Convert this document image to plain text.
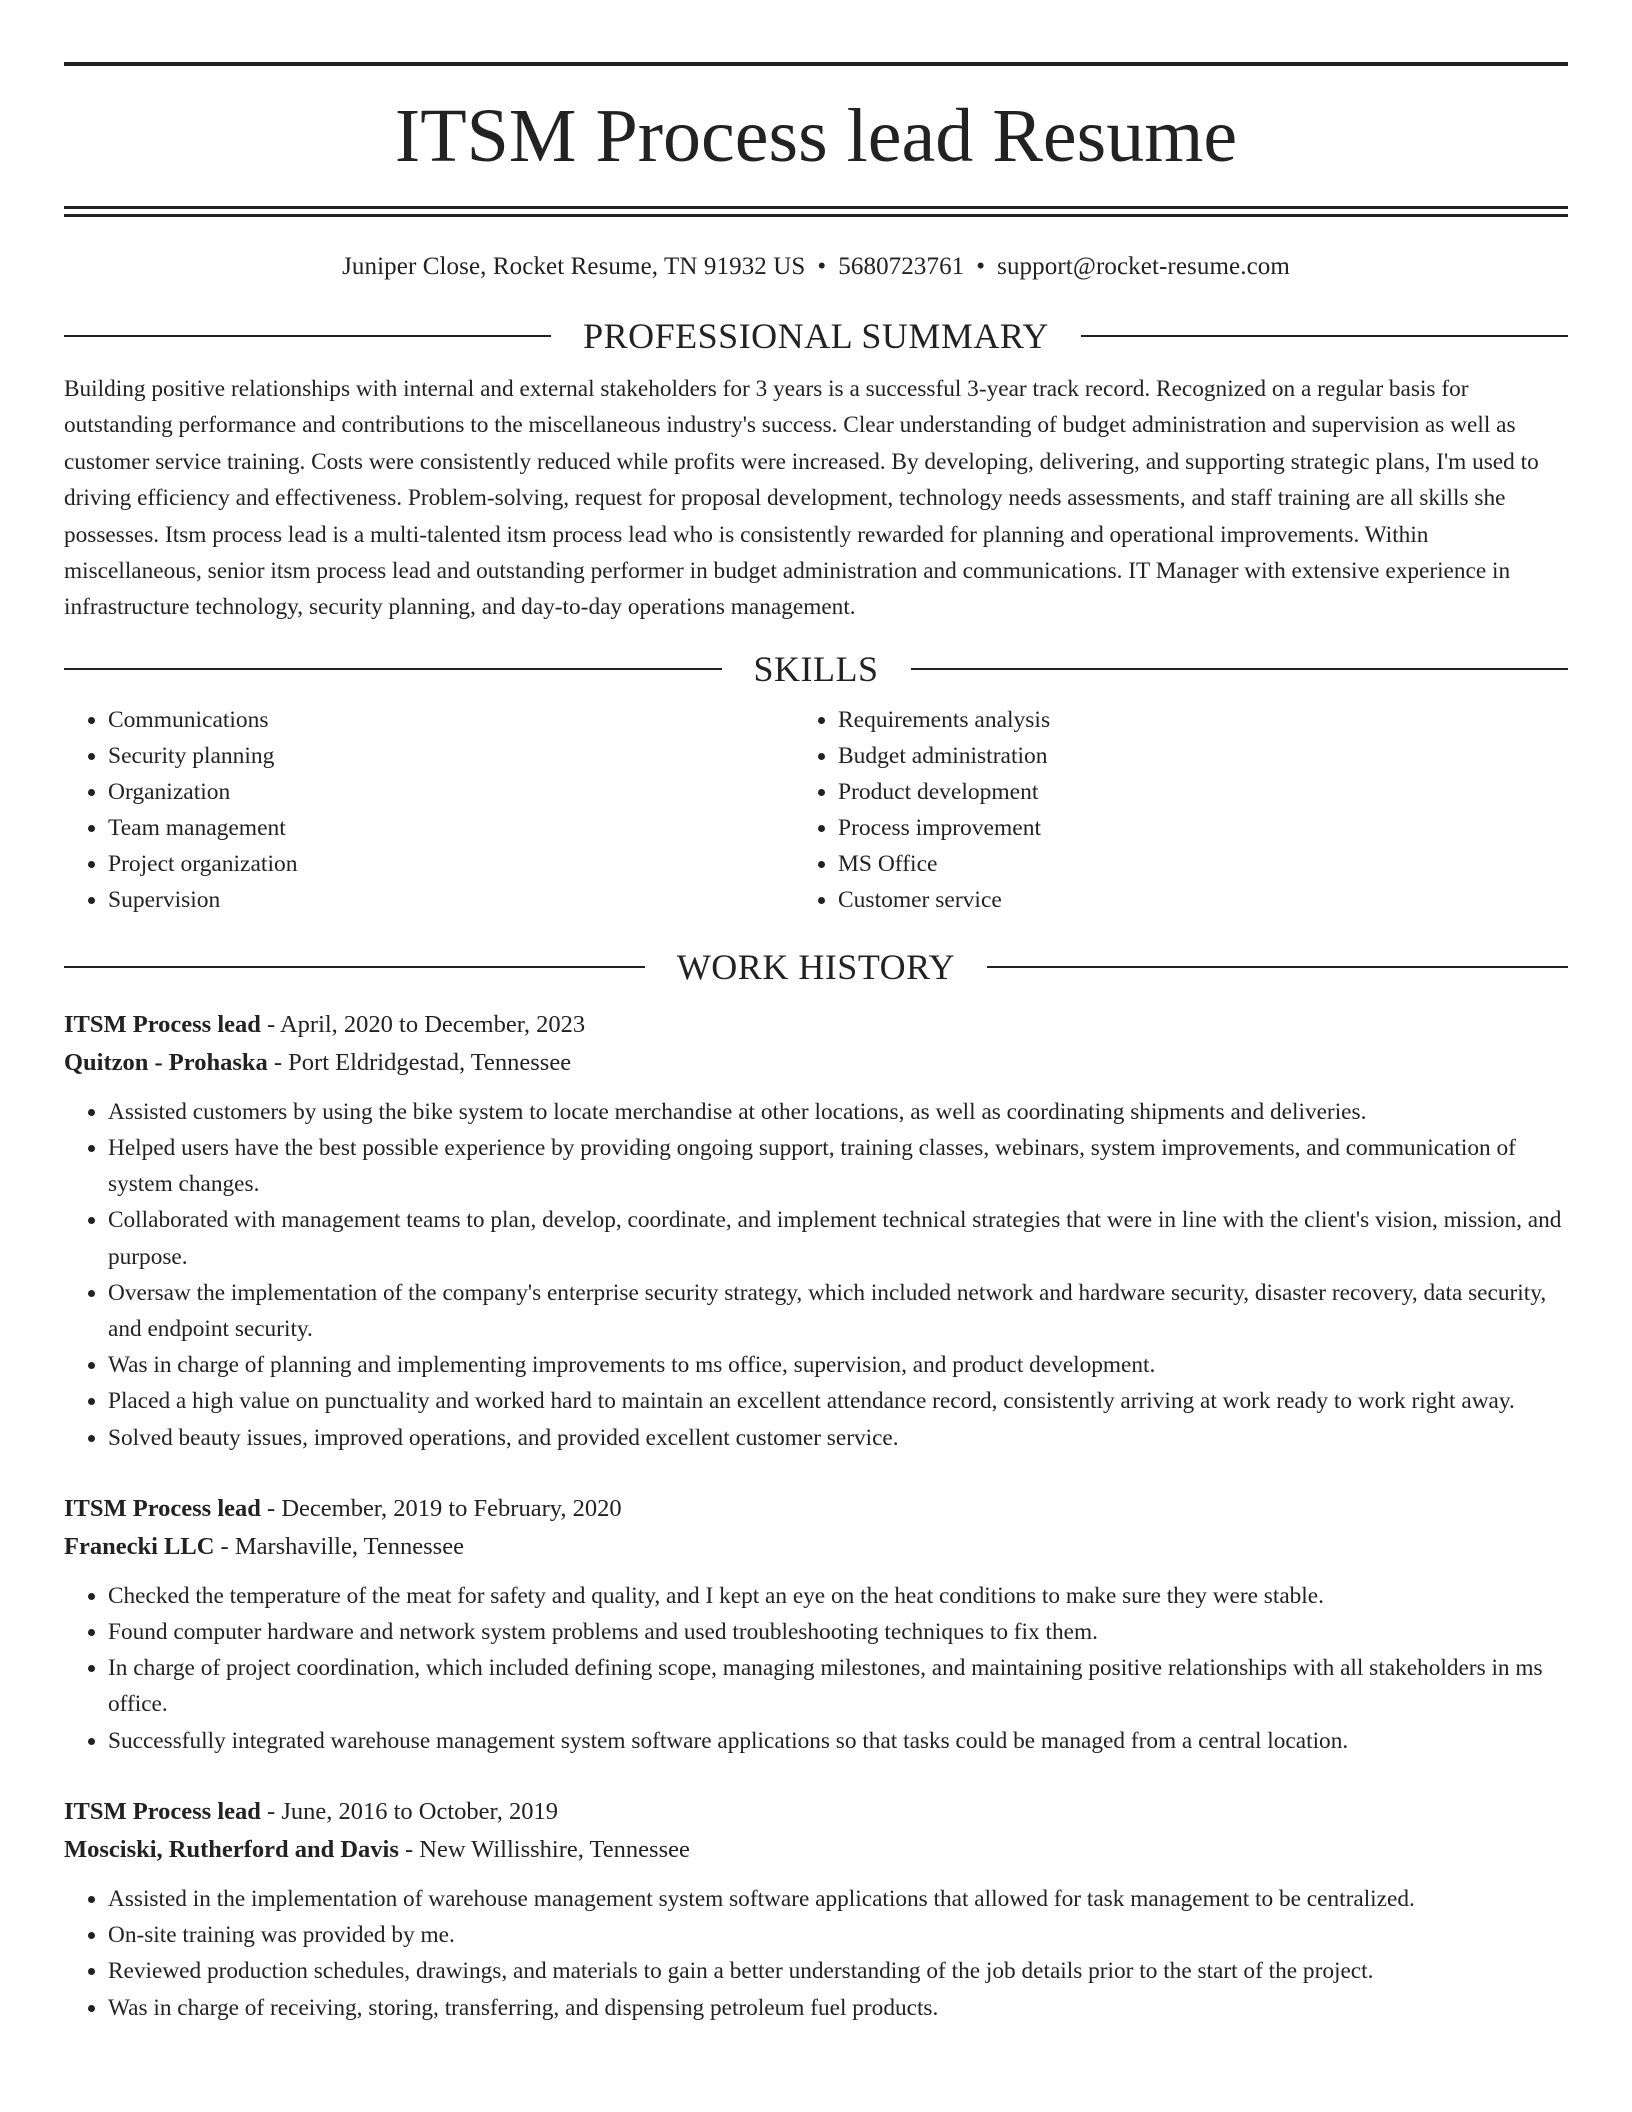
ITSM Process lead Resume
Juniper Close, Rocket Resume, TN 91932 US • 5680723761 • support@rocket-resume.com
PROFESSIONAL SUMMARY

Building positive relationships with internal and external stakeholders for 3 years is a successful 3-year track record. Recognized on a regular basis for outstanding performance and contributions to the miscellaneous industry's success. Clear understanding of budget administration and supervision as well as customer service training. Costs were consistently reduced while profits were increased. By developing, delivering, and supporting strategic plans, I'm used to driving efficiency and effectiveness. Problem-solving, request for proposal development, technology needs assessments, and staff training are all skills she possesses. Itsm process lead is a multi-talented itsm process lead who is consistently rewarded for planning and operational improvements. Within miscellaneous, senior itsm process lead and outstanding performer in budget administration and communications. IT Manager with extensive experience in infrastructure technology, security planning, and day-to-day operations management.

SKILLS
• Communications
• Security planning
• Organization
• Team management
• Project organization
• Supervision
• Requirements analysis
• Budget administration
• Product development
• Process improvement
• MS Office
• Customer service
WORK HISTORY
ITSM Process lead - April, 2020 to December, 2023
Quitzon - Prohaska - Port Eldridgestad, Tennessee
• Assisted customers by using the bike system to locate merchandise at other locations, as well as coordinating shipments and deliveries.
• Helped users have the best possible experience by providing ongoing support, training classes, webinars, system improvements, and communication of system changes.
• Collaborated with management teams to plan, develop, coordinate, and implement technical strategies that were in line with the client's vision, mission, and purpose.
• Oversaw the implementation of the company's enterprise security strategy, which included network and hardware security, disaster recovery, data security, and endpoint security.
• Was in charge of planning and implementing improvements to ms office, supervision, and product development.
• Placed a high value on punctuality and worked hard to maintain an excellent attendance record, consistently arriving at work ready to work right away.
• Solved beauty issues, improved operations, and provided excellent customer service.
ITSM Process lead - December, 2019 to February, 2020
Franecki LLC - Marshaville, Tennessee
• Checked the temperature of the meat for safety and quality, and I kept an eye on the heat conditions to make sure they were stable.
• Found computer hardware and network system problems and used troubleshooting techniques to fix them.
• In charge of project coordination, which included defining scope, managing milestones, and maintaining positive relationships with all stakeholders in ms office.
• Successfully integrated warehouse management system software applications so that tasks could be managed from a central location.
ITSM Process lead - June, 2016 to October, 2019
Mosciski, Rutherford and Davis - New Willisshire, Tennessee
• Assisted in the implementation of warehouse management system software applications that allowed for task management to be centralized.
• On-site training was provided by me.
• Reviewed production schedules, drawings, and materials to gain a better understanding of the job details prior to the start of the project.
• Was in charge of receiving, storing, transferring, and dispensing petroleum fuel products.
